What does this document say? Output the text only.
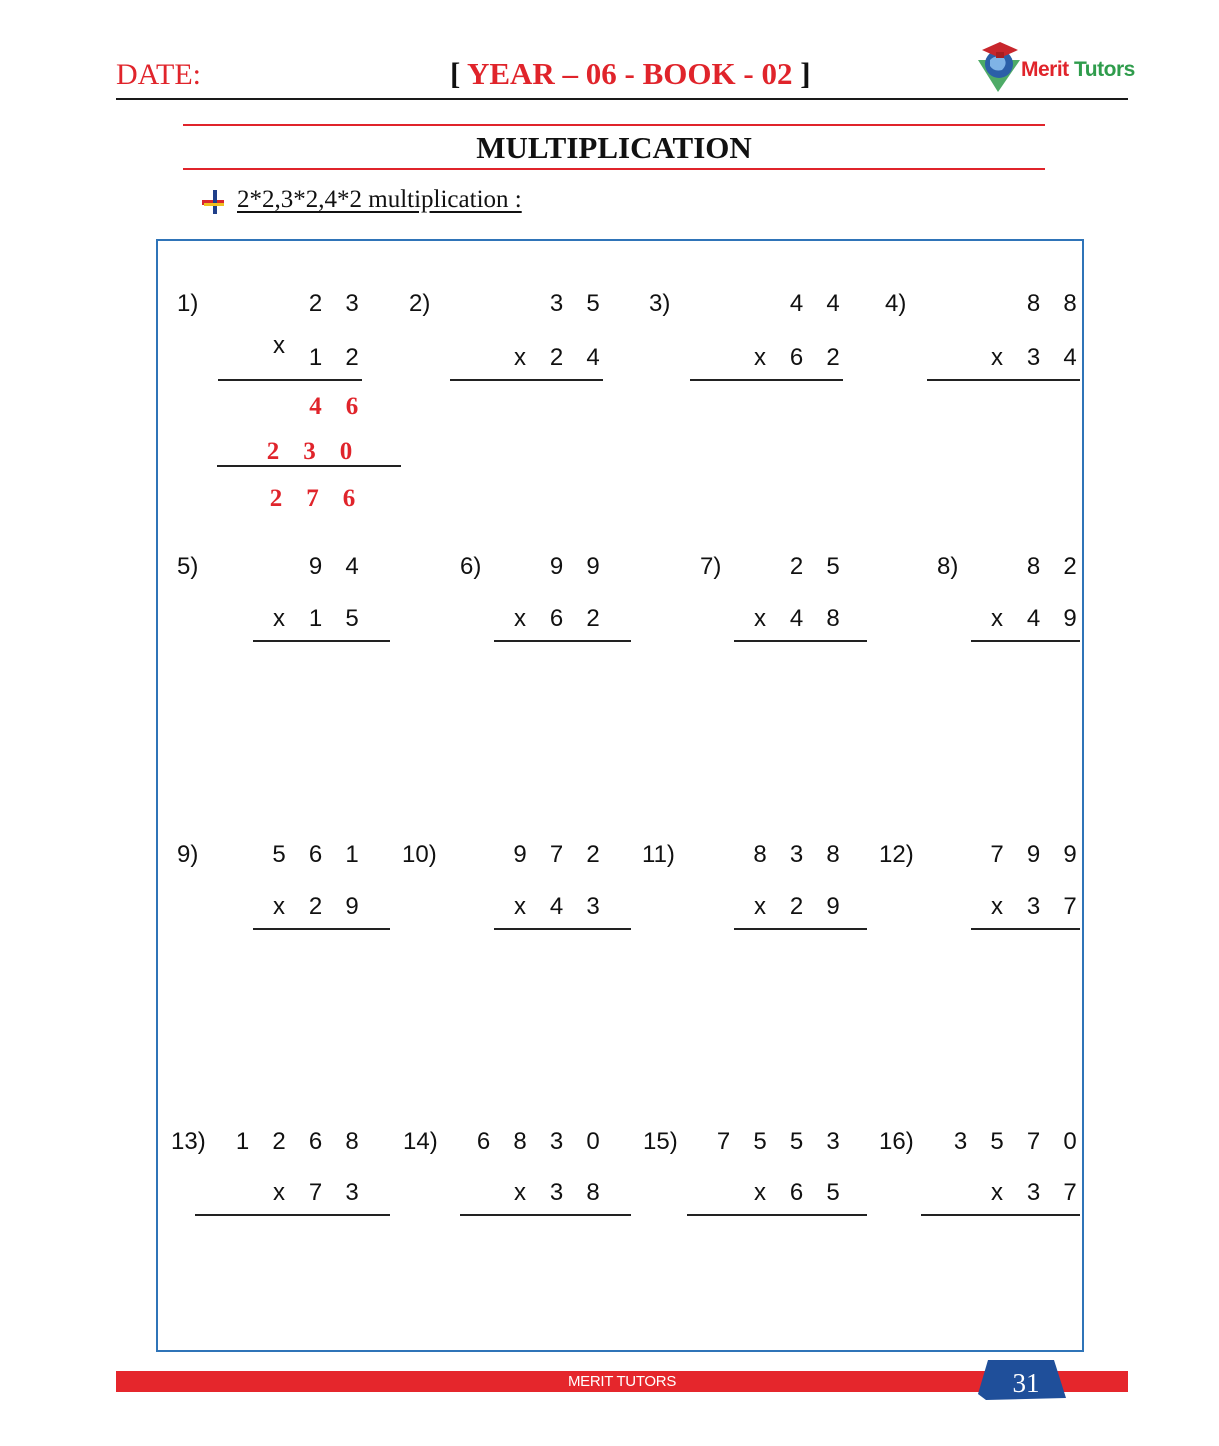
DATE:	[ YEAR – 06 - BOOK - 02 ]	Merit Tutors
MULTIPLICATION
2*2,3*2,4*2 multiplication :
1)	2 3
x 1 2
2)	3 5
x 2 4
3)	4 4
x 6 2
4)	8 8
x 3 4
5)	9 4
x 1 5
6)	9 9
x 6 2
7)	2 5
x 4 8
8)	8 2
x 4 9
9)	5 6 1
x 2 9
10)	9 7 2
x 4 3
11)	8 3 8
x 2 9
12)	7 9 9
x 3 7
13) 1 2 6 8
x 7 3
14) 6 8 3 0
x 3 8
15) 7 5 5 3
x 6 5
16) 3 5 7 0
x 3 7
4 6
2 3 0
2 7 6
MERIT TUTORS	31
